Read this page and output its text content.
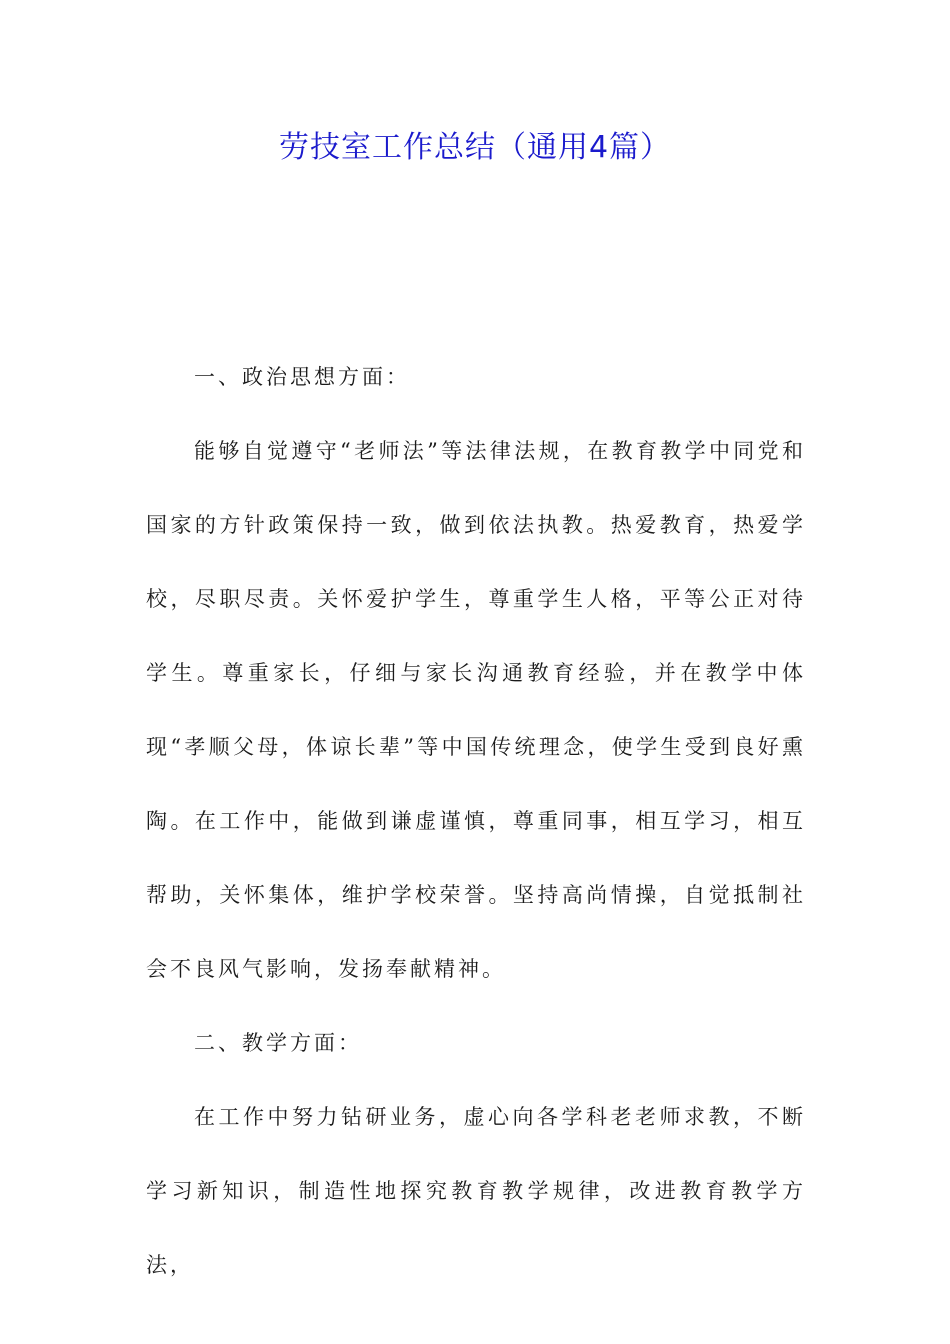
劳技室工作总结（通用4篇）

一、政治思想方面：

能够自觉遵守“老师法”等法律法规，在教育教学中同党和国家的方针政策保持一致，做到依法执教。热爱教育，热爱学校，尽职尽责。关怀爱护学生，尊重学生人格，平等公正对待学生。尊重家长，仔细与家长沟通教育经验，并在教学中体现“孝顺父母，体谅长辈”等中国传统理念，使学生受到良好熏陶。在工作中，能做到谦虚谨慎，尊重同事，相互学习，相互帮助，关怀集体，维护学校荣誉。坚持高尚情操，自觉抵制社会不良风气影响，发扬奉献精神。

二、教学方面：

在工作中努力钻研业务，虚心向各学科老老师求教，不断学习新知识，制造性地探究教育教学规律，改进教育教学方法，
